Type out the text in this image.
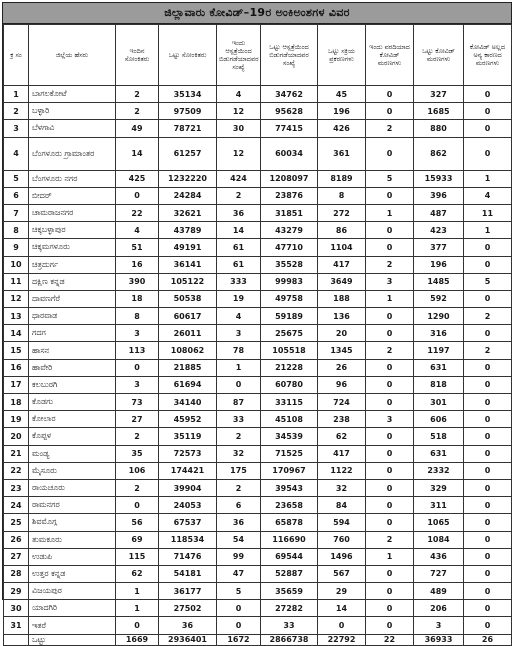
ಜಿಲ್ಲಾವಾರು ಕೋವಿಡ್–19ರ ಅಂಕಿಅಂಶಗಳ ವಿವರ
ಕ್ರ ಸಂ	ಜಿಲ್ಲೆಯ ಹೆಸರು	ಇಂದಿನ ಸೋಂಕಿತರು	ಒಟ್ಟು ಸೋಂಕಿತರು	ಇಂದು ಆಸ್ಪತ್ರೆಯಿಂದ ಬಿಡುಗಡೆಯಾದವರ ಸಂಖ್ಯೆ	ಒಟ್ಟು ಆಸ್ಪತ್ರೆಯಿಂದ ಬಿಡುಗಡೆಯಾದವರ ಸಂಖ್ಯೆ	ಒಟ್ಟು ಸಕ್ರಿಯ ಪ್ರಕರಣಗಳು	ಇಂದು ವರದಿಯಾದ ಕೋವಿಡ್ ಮರಣಗಳು	ಒಟ್ಟು ಕೋವಿಡ್ ಮರಣಗಳು	ಕೋವಿಡ್ ಅಲ್ಲದ ಅನ್ಯ ಕಾರಣದ ಮರಣಗಳು
1	ಬಾಗಲಕೋಟೆ	2	35134	4	34762	45	0	327	0
2	ಬಳ್ಳಾರಿ	2	97509	12	95628	196	0	1685	0
3	ಬೆಳಗಾವಿ	49	78721	30	77415	426	2	880	0
4	ಬೆಂಗಳೂರು ಗ್ರಾಮಾಂತರ	14	61257	12	60034	361	0	862	0
5	ಬೆಂಗಳೂರು ನಗರ	425	1232220	424	1208097	8189	5	15933	1
6	ಬೀದರ್	0	24284	2	23876	8	0	396	4
7	ಚಾಮರಾಜನಗರ	22	32621	36	31851	272	1	487	11
8	ಚಿಕ್ಕಬಳ್ಳಾಪುರ	4	43789	14	43279	86	0	423	1
9	ಚಿಕ್ಕಮಗಳೂರು	51	49191	61	47710	1104	0	377	0
10	ಚಿತ್ರದುರ್ಗ	16	36141	61	35528	417	2	196	0
11	ದಕ್ಷಿಣ ಕನ್ನಡ	390	105122	333	99983	3649	3	1485	5
12	ದಾವಣಗೆರೆ	18	50538	19	49758	188	1	592	0
13	ಧಾರವಾಡ	8	60617	4	59189	136	0	1290	2
14	ಗದಗ	3	26011	3	25675	20	0	316	0
15	ಹಾಸನ	113	108062	78	105518	1345	2	1197	2
16	ಹಾವೇರಿ	0	21885	1	21228	26	0	631	0
17	ಕಲಬುರಗಿ	3	61694	0	60780	96	0	818	0
18	ಕೊಡಗು	73	34140	87	33115	724	0	301	0
19	ಕೋಲಾರ	27	45952	33	45108	238	3	606	0
20	ಕೊಪ್ಪಳ	2	35119	2	34539	62	0	518	0
21	ಮಂಡ್ಯ	35	72573	32	71525	417	0	631	0
22	ಮೈಸೂರು	106	174421	175	170967	1122	0	2332	0
23	ರಾಯಚೂರು	2	39904	2	39543	32	0	329	0
24	ರಾಮನಗರ	0	24053	6	23658	84	0	311	0
25	ಶಿವಮೊಗ್ಗ	56	67537	36	65878	594	0	1065	0
26	ತುಮಕೂರು	69	118534	54	116690	760	2	1084	0
27	ಉಡುಪಿ	115	71476	99	69544	1496	1	436	0
28	ಉತ್ತರ ಕನ್ನಡ	62	54181	47	52887	567	0	727	0
29	ವಿಜಯಪುರ	1	36177	5	35659	29	0	489	0
30	ಯಾದಗಿರಿ	1	27502	0	27282	14	0	206	0
31	ಇತರೆ	0	36	0	33	0	0	3	0
	ಒಟ್ಟು	1669	2936401	1672	2866738	22792	22	36933	26
